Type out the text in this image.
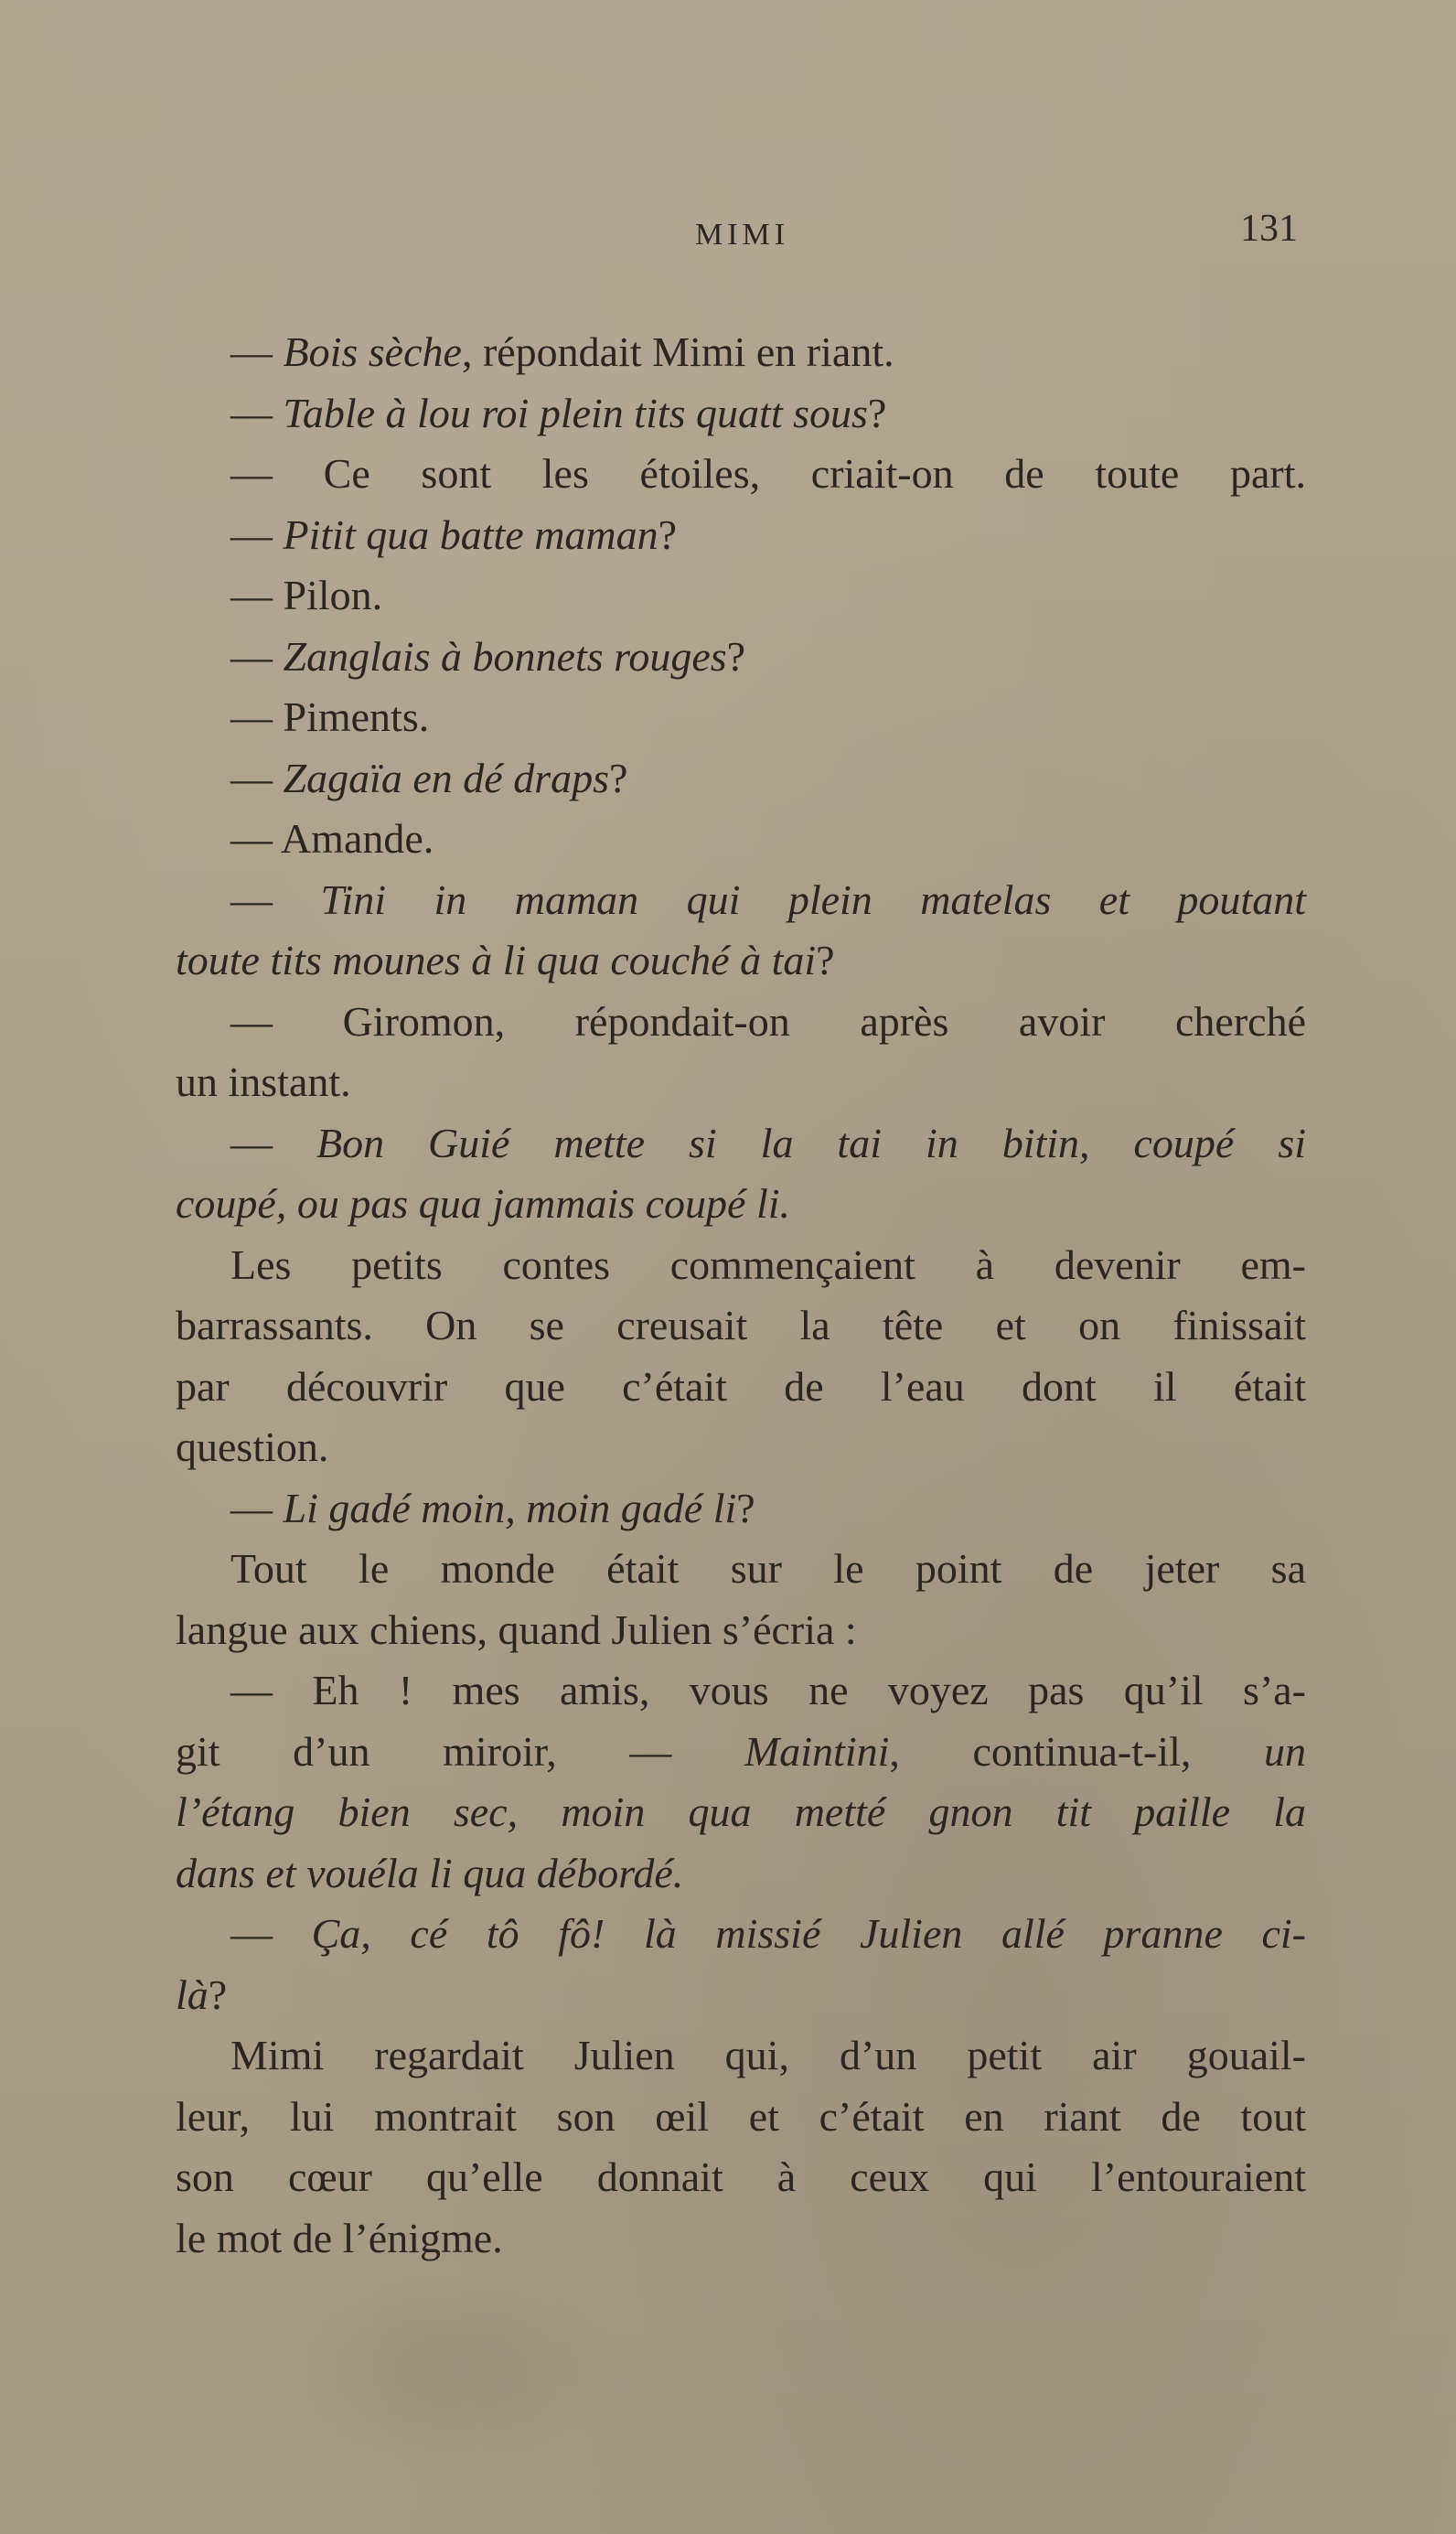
MIMI	131
— Bois sèche, répondait Mimi en riant.
— Table à lou roi plein tits quatt sous?
— Ce sont les étoiles, criait-on de toute part.
— Pitit qua batte maman?
— Pilon.
— Zanglais à bonnets rouges?
— Piments.
— Zagaïa en dé draps?
— Amande.
— Tini in maman qui plein matelas et poutant
toute tits mounes à li qua couché à tai?
— Giromon, répondait-on après avoir cherché
un instant.
— Bon Guié mette si la tai in bitin, coupé si
coupé, ou pas qua jammais coupé li.
Les petits contes commençaient à devenir em-
barrassants. On se creusait la tête et on finissait
par découvrir que c’était de l’eau dont il était
question.
— Li gadé moin, moin gadé li?
Tout le monde était sur le point de jeter sa
langue aux chiens, quand Julien s’écria :
— Eh ! mes amis, vous ne voyez pas qu’il s’a-
git d’un miroir, — Maintini, continua-t-il, un
l’étang bien sec, moin qua metté gnon tit paille la
dans et vouéla li qua débordé.
— Ça, cé tô fô! là missié Julien allé pranne ci-
là?
Mimi regardait Julien qui, d’un petit air gouail-
leur, lui montrait son œil et c’était en riant de tout
son cœur qu’elle donnait à ceux qui l’entouraient
le mot de l’énigme.
